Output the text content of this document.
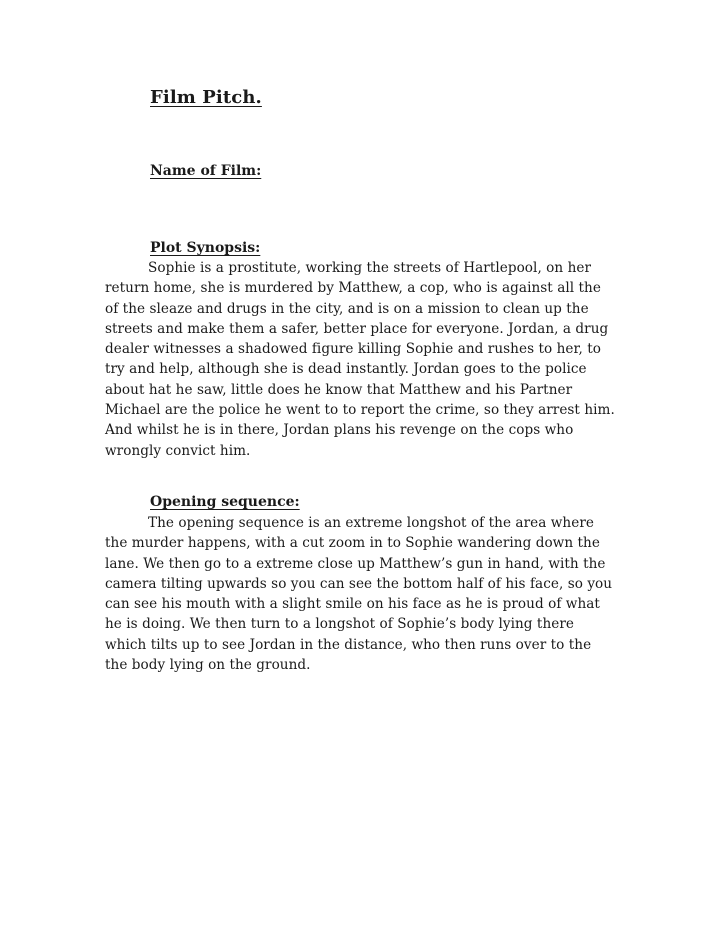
Film Pitch.
Name of Film:
Plot Synopsis:
Sophie is a prostitute, working the streets of Hartlepool, on her
return home, she is murdered by Matthew, a cop, who is against all the
of the sleaze and drugs in the city, and is on a mission to clean up the
streets and make them a safer, better place for everyone. Jordan, a drug
dealer witnesses a shadowed figure killing Sophie and rushes to her, to
try and help, although she is dead instantly. Jordan goes to the police
about hat he saw, little does he know that Matthew and his Partner
Michael are the police he went to to report the crime, so they arrest him.
And whilst he is in there, Jordan plans his revenge on the cops who
wrongly convict him.
Opening sequence:
The opening sequence is an extreme longshot of the area where
the murder happens, with a cut zoom in to Sophie wandering down the
lane. We then go to a extreme close up Matthew’s gun in hand, with the
camera tilting upwards so you can see the bottom half of his face, so you
can see his mouth with a slight smile on his face as he is proud of what
he is doing. We then turn to a longshot of Sophie’s body lying there
which tilts up to see Jordan in the distance, who then runs over to the
the body lying on the ground.
